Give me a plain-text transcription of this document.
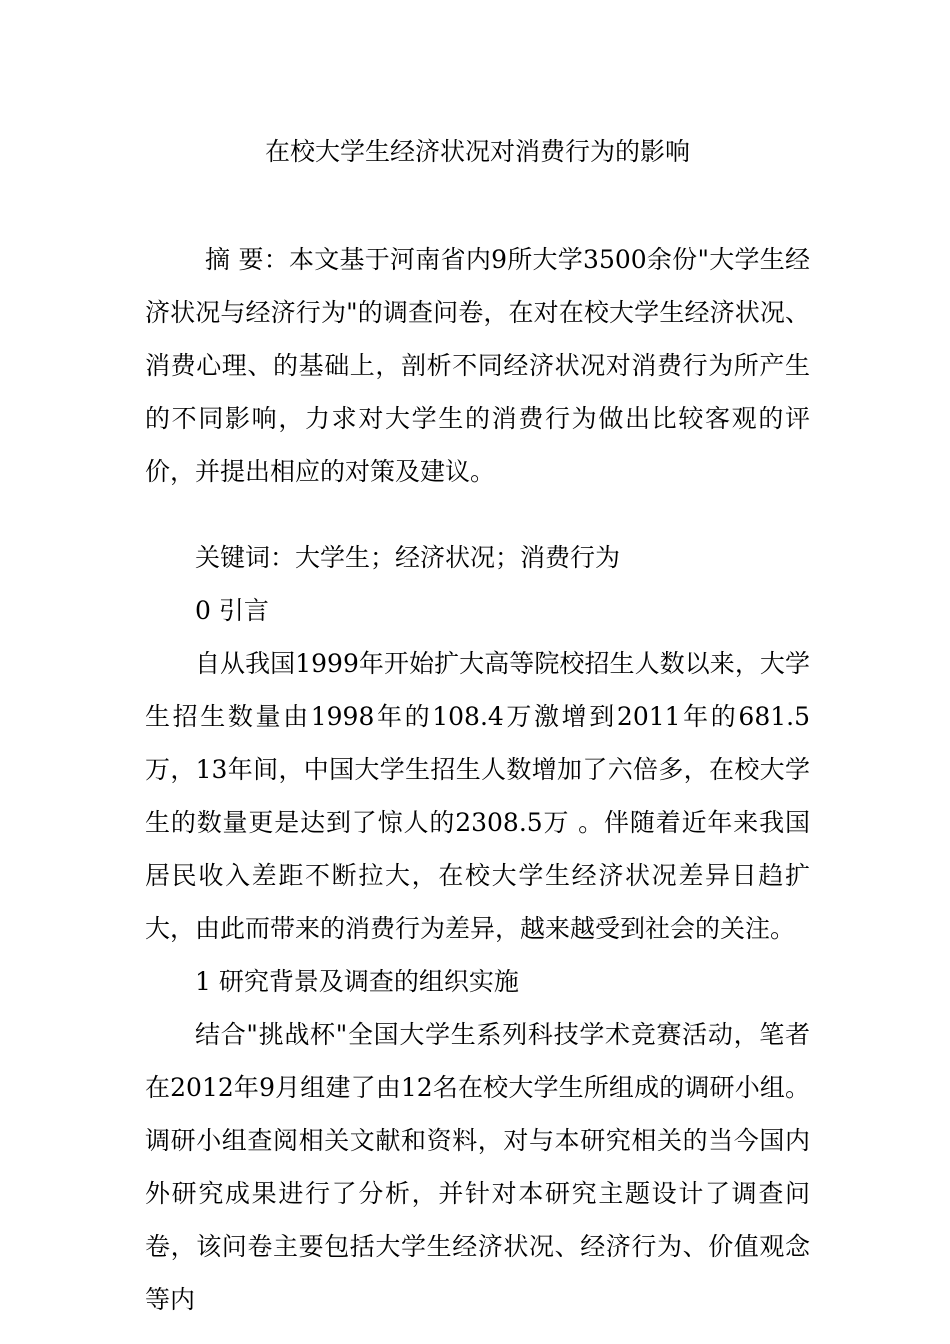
在校大学生经济状况对消费行为的影响
摘 要：本文基于河南省内9所大学3500余份"大学生经济状况与经济行为"的调查问卷，在对在校大学生经济状况、消费心理、的基础上，剖析不同经济状况对消费行为所产生的不同影响，力求对大学生的消费行为做出比较客观的评价，并提出相应的对策及建议。
关键词：大学生；经济状况；消费行为
0 引言
自从我国1999年开始扩大高等院校招生人数以来，大学生招生数量由1998年的108.4万激增到2011年的681.5万，13年间，中国大学生招生人数增加了六倍多，在校大学生的数量更是达到了惊人的2308.5万 。伴随着近年来我国居民收入差距不断拉大，在校大学生经济状况差异日趋扩大，由此而带来的消费行为差异，越来越受到社会的关注。
1 研究背景及调查的组织实施
结合"挑战杯"全国大学生系列科技学术竞赛活动，笔者在2012年9月组建了由12名在校大学生所组成的调研小组。调研小组查阅相关文献和资料，对与本研究相关的当今国内外研究成果进行了分析，并针对本研究主题设计了调查问卷，该问卷主要包括大学生经济状况、经济行为、价值观念等内
